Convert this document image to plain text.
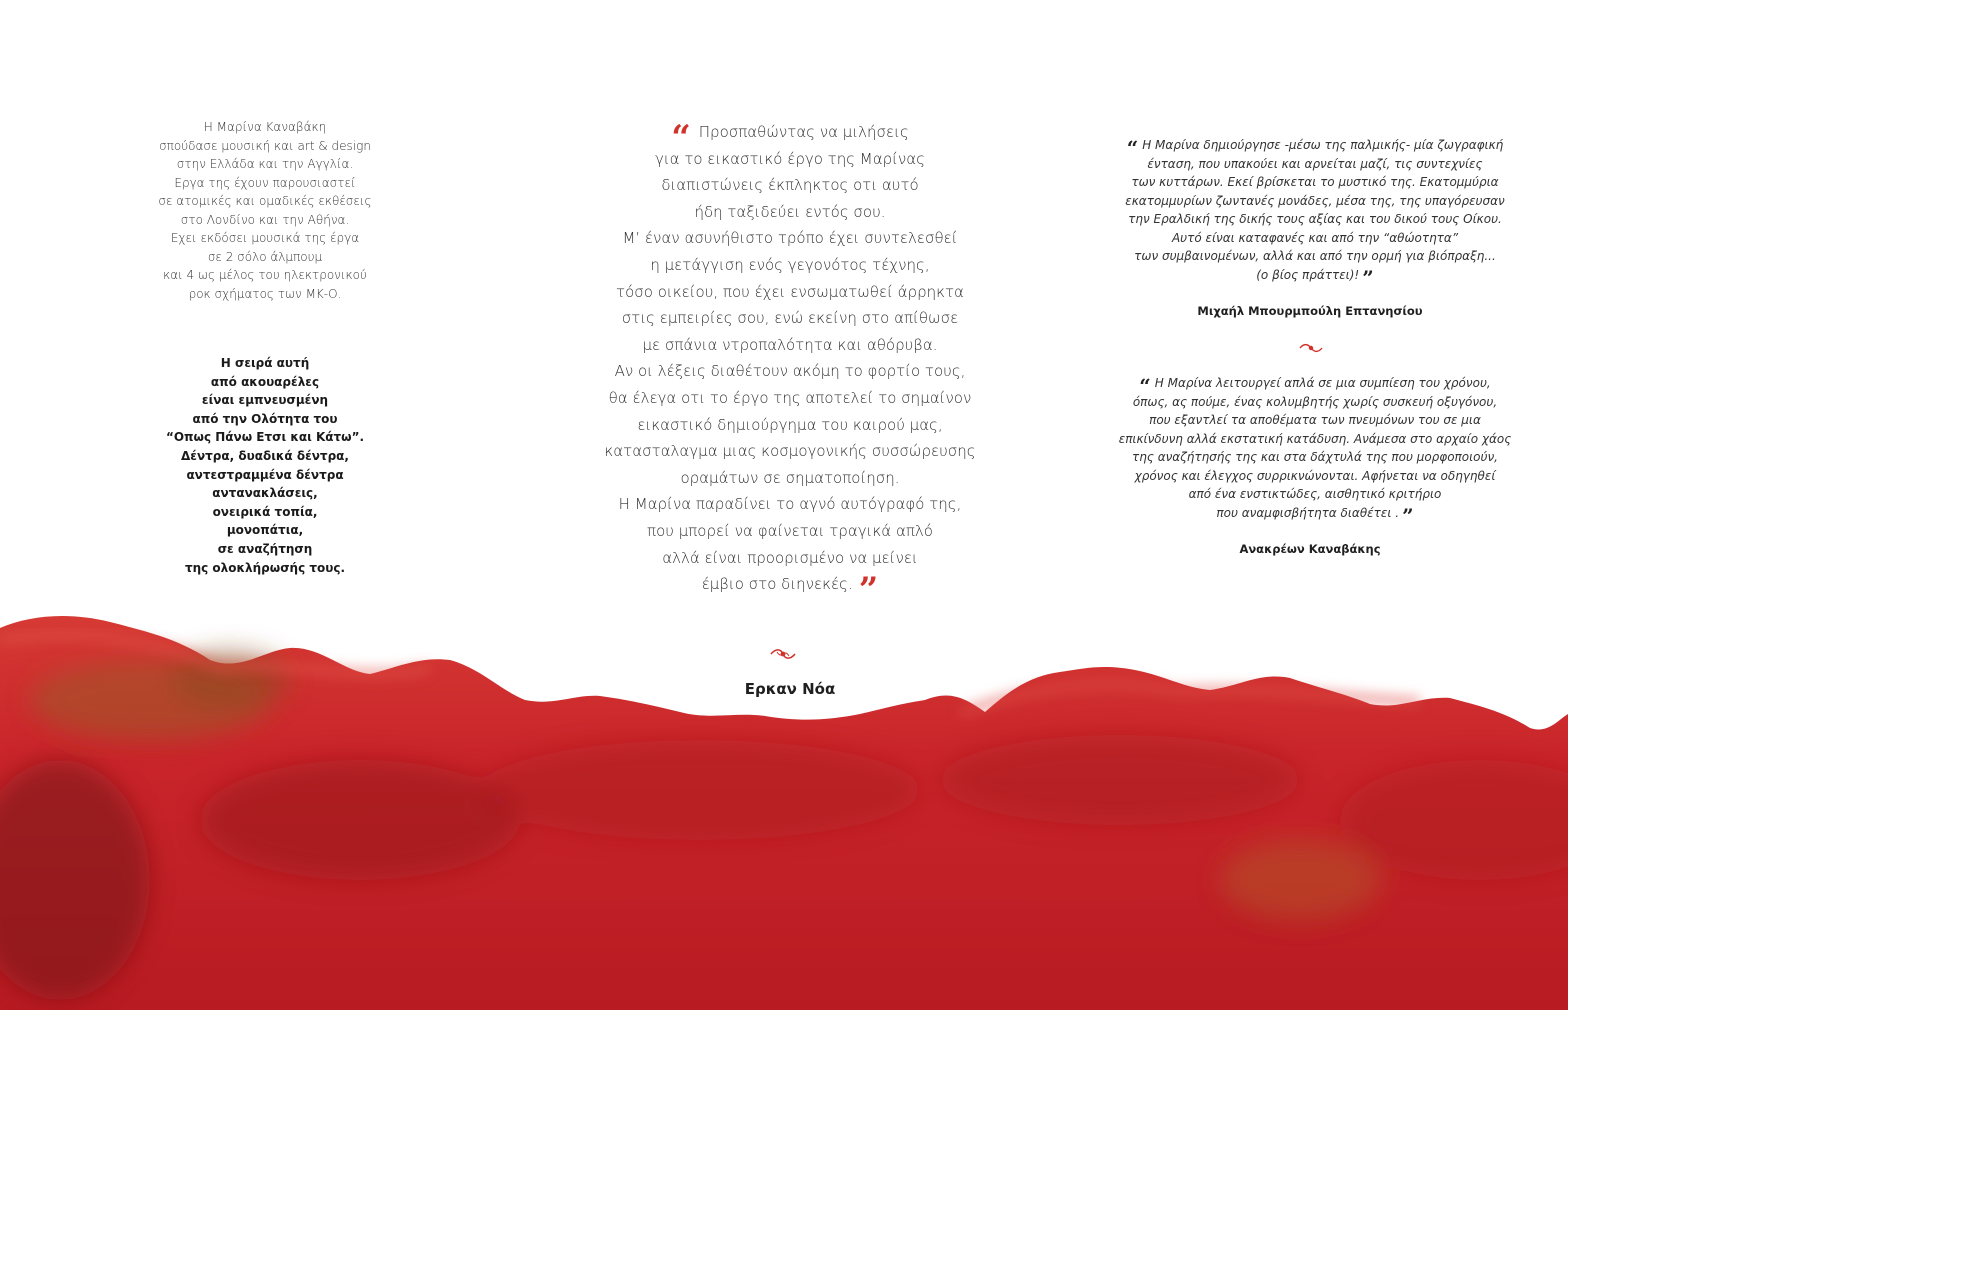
Η Μαρίνα Καναβάκη
σπούδασε μουσική και art & design
στην Ελλάδα και την Αγγλία.
Εργα της έχουν παρουσιαστεί
σε ατομικές και ομαδικές εκθέσεις
στο Λονδίνο και την Αθήνα.
Εχει εκδόσει μουσικά της έργα
σε 2 σόλο άλμπουμ
και 4 ως μέλος του ηλεκτρονικού
ροκ σχήματος των ΜΚ-Ο.
Η σειρά αυτή
από ακουαρέλες
είναι εμπνευσμένη
από την Ολότητα του
“Οπως Πάνω Ετσι και Κάτω”.
Δέντρα, δυαδικά δέντρα,
αντεστραμμένα δέντρα
αντανακλάσεις,
ονειρικά τοπία,
μονοπάτια,
σε αναζήτηση
της ολοκλήρωσής τους.
“ Προσπαθώντας να μιλήσεις
για το εικαστικό έργο της Μαρίνας
διαπιστώνεις έκπληκτος οτι αυτό
ήδη ταξιδεύει εντός σου.
Μ’ έναν ασυνήθιστο τρόπο έχει συντελεσθεί
η μετάγγιση ενός γεγονότος τέχνης,
τόσο οικείου, που έχει ενσωματωθεί άρρηκτα
στις εμπειρίες σου, ενώ εκείνη στο απίθωσε
με σπάνια ντροπαλότητα και αθόρυβα.
Αν οι λέξεις διαθέτουν ακόμη το φορτίο τους,
θα έλεγα οτι το έργο της αποτελεί το σημαίνον
εικαστικό δημιούργημα του καιρού μας,
κατασταλαγμα μιας κοσμογονικής συσσώρευσης
οραμάτων σε σηματοποίηση.
Η Μαρίνα παραδίνει το αγνό αυτόγραφό της,
που μπορεί να φαίνεται τραγικά απλό
αλλά είναι προορισμένο να μείνει
έμβιο στο διηνεκές. ”
Ερκαν Νόα
“ Η Μαρίνα δημιούργησε -μέσω της παλμικής- μία ζωγραφική
ένταση, που υπακούει και αρνείται μαζί, τις συντεχνίες
των κυττάρων. Εκεί βρίσκεται το μυστικό της. Εκατομμύρια
εκατομμυρίων ζωντανές μονάδες, μέσα της, της υπαγόρευσαν
την Εραλδική της δικής τους αξίας και του δικού τους Οίκου.
Αυτό είναι καταφανές και από την “αθώοτητα”
των συμβαινομένων, αλλά και από την ορμή για βιόπραξη...
(ο βίος πράττει)! ”
Μιχαήλ Μπουρμπούλη Επτανησίου
“ Η Μαρίνα λειτουργεί απλά σε μια συμπίεση του χρόνου,
όπως, ας πούμε, ένας κολυμβητής χωρίς συσκευή οξυγόνου,
που εξαντλεί τα αποθέματα των πνευμόνων του σε μια
επικίνδυνη αλλά εκστατική κατάδυση. Ανάμεσα στο αρχαίο χάος
της αναζήτησής της και στα δάχτυλά της που μορφοποιούν,
χρόνος και έλεγχος συρρικνώνονται. Αφήνεται να οδηγηθεί
από ένα ενστικτώδες, αισθητικό κριτήριο
που αναμφισβήτητα διαθέτει . ”
Ανακρέων Καναβάκης
